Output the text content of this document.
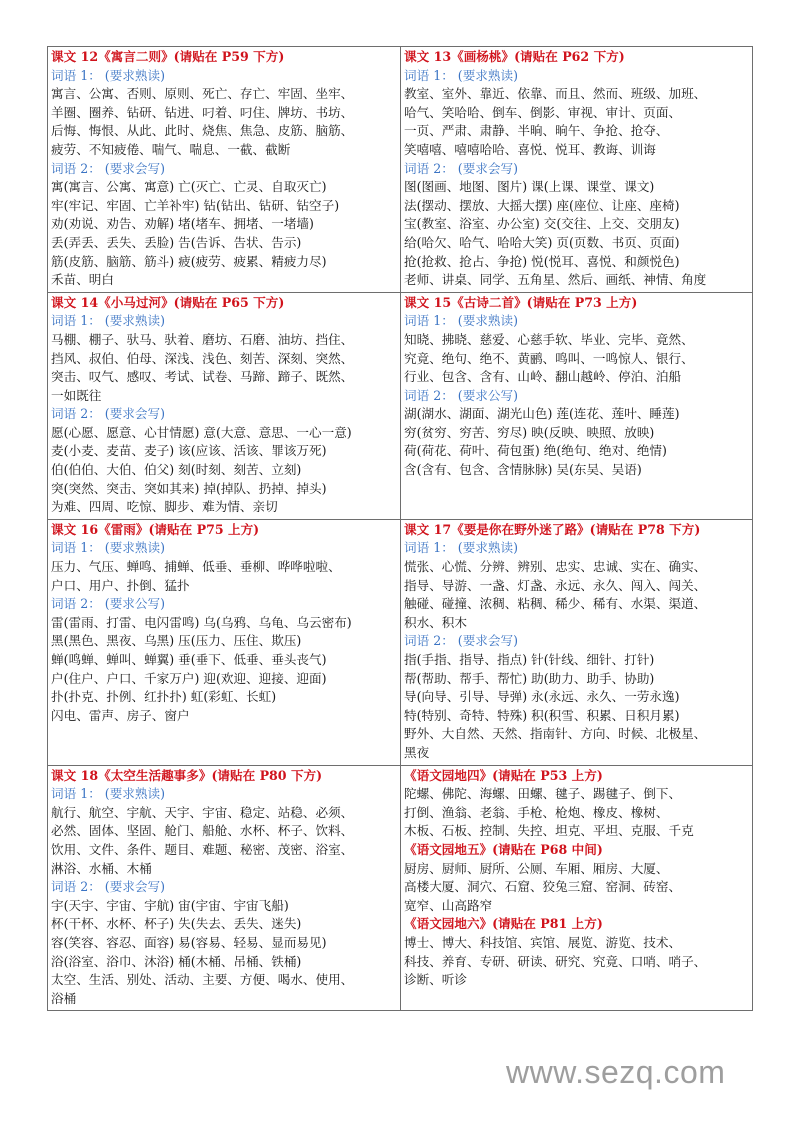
课文 12《寓言二则》(请贴在 P59 下方)
词语 1： (要求熟读)
寓言、公寓、否则、原则、死亡、存亡、牢固、坐牢、
羊圈、圈养、钻研、钻进、叼着、叼住、牌坊、书坊、
后悔、悔恨、从此、此时、烧焦、焦急、皮筋、脑筋、
疲劳、不知疲倦、喘气、喘息、一截、截断
词语 2： (要求会写)
寓(寓言、公寓、寓意) 亡(灭亡、亡灵、自取灭亡)
牢(牢记、牢固、亡羊补牢) 钻(钻出、钻研、钻空子)
劝(劝说、劝告、劝解) 堵(堵车、拥堵、一堵墙)
丢(弄丢、丢失、丢脸) 告(告诉、告状、告示)
筋(皮筋、脑筋、筋斗) 疲(疲劳、疲累、精疲力尽)
禾苗、明白

课文 13《画杨桃》(请贴在 P62 下方)
词语 1： (要求熟读)
教室、室外、靠近、依靠、而且、然而、班级、加班、
哈气、笑哈哈、倒车、倒影、审视、审计、页面、
一页、严肃、肃静、半晌、晌午、争抢、抢夺、
笑嘻嘻、嘻嘻哈哈、喜悦、悦耳、教诲、训诲
词语 2： (要求会写)
图(图画、地图、图片) 课(上课、课堂、课文)
法(摆动、摆放、大摇大摆) 座(座位、让座、座椅)
宝(教室、浴室、办公室) 交(交往、上交、交朋友)
给(哈欠、哈气、哈哈大笑) 页(页数、书页、页面)
抢(抢救、抢占、争抢) 悦(悦耳、喜悦、和颜悦色)
老师、讲桌、同学、五角星、然后、画纸、神情、角度

课文 14《小马过河》(请贴在 P65 下方)
词语 1： (要求熟读)
马棚、棚子、驮马、驮着、磨坊、石磨、油坊、挡住、
挡风、叔伯、伯母、深浅、浅色、刻苦、深刻、突然、
突击、叹气、感叹、考试、试卷、马蹄、蹄子、既然、
一如既往
词语 2： (要求会写)
愿(心愿、愿意、心甘情愿) 意(大意、意思、一心一意)
麦(小麦、麦苗、麦子) 该(应该、活该、罪该万死)
伯(伯伯、大伯、伯父) 刻(时刻、刻苦、立刻)
突(突然、突击、突如其来) 掉(掉队、扔掉、掉头)
为难、四周、吃惊、脚步、难为情、亲切

课文 15《古诗二首》(请贴在 P73 上方)
词语 1： (要求熟读)
知晓、拂晓、慈爱、心慈手软、毕业、完毕、竟然、
究竟、绝句、绝不、黄鹂、鸣叫、一鸣惊人、银行、
行业、包含、含有、山岭、翻山越岭、停泊、泊船
词语 2： (要求公写)
湖(湖水、湖面、湖光山色) 莲(连花、莲叶、睡莲)
穷(贫穷、穷苦、穷尽) 映(反映、映照、放映)
荷(荷花、荷叶、荷包蛋) 绝(绝句、绝对、绝情)
含(含有、包含、含情脉脉) 吴(东吴、吴语)

课文 16《雷雨》(请贴在 P75 上方)
词语 1： (要求熟读)
压力、气压、蝉鸣、捕蝉、低垂、垂柳、哗哗啦啦、
户口、用户、扑倒、猛扑
词语 2： (要求公写)
雷(雷雨、打雷、电闪雷鸣) 乌(乌鸦、乌龟、乌云密布)
黑(黑色、黑夜、乌黑) 压(压力、压住、欺压)
蝉(鸣蝉、蝉叫、蝉翼) 垂(垂下、低垂、垂头丧气)
户(住户、户口、千家万户) 迎(欢迎、迎接、迎面)
扑(扑克、扑例、红扑扑) 虹(彩虹、长虹)
闪电、雷声、房子、窗户

课文 17《要是你在野外迷了路》(请贴在 P78 下方)
词语 1： (要求熟读)
慌张、心慌、分辨、辨别、忠实、忠诚、实在、确实、
指导、导游、一盏、灯盏、永远、永久、闯入、闯关、
触碰、碰撞、浓稠、粘稠、稀少、稀有、水渠、渠道、
积水、积木
词语 2： (要求会写)
指(手指、指导、指点) 针(针线、细针、打针)
帮(帮助、帮手、帮忙) 助(助力、助手、协助)
导(向导、引导、导弹) 永(永远、永久、一劳永逸)
特(特别、奇特、特殊) 积(积雪、积累、日积月累)
野外、大自然、天然、指南针、方向、时候、北极星、
黑夜

课文 18《太空生活趣事多》(请贴在 P80 下方)
词语 1： (要求熟读)
航行、航空、宇航、天宇、宇宙、稳定、站稳、必须、
必然、固体、坚固、舱门、船舱、水杯、杯子、饮料、
饮用、文件、条件、题目、难题、秘密、茂密、浴室、
淋浴、水桶、木桶
词语 2： (要求会写)
宇(天宇、宇宙、宇航) 宙(宇宙、宇宙飞船)
杯(干杯、水杯、杯子) 失(失去、丢失、迷失)
容(笑容、容忍、面容) 易(容易、轻易、显而易见)
浴(浴室、浴巾、沐浴) 桶(木桶、吊桶、铁桶)
太空、生活、别处、活动、主要、方便、喝水、使用、
浴桶

《语文园地四》(请贴在 P53 上方)
陀螺、佛陀、海螺、田螺、毽子、踢毽子、倒下、
打倒、渔翁、老翁、手枪、枪炮、橡皮、橡树、
木板、石板、控制、失控、坦克、平坦、克服、千克
《语文园地五》(请贴在 P68 中间)
厨房、厨师、厨所、公厕、车厢、厢房、大厦、
高楼大厦、洞穴、石窟、狡兔三窟、窑洞、砖窑、
宽窄、山高路窄
《语文园地六》(请贴在 P81 上方)
博士、博大、科技馆、宾馆、展览、游览、技术、
科技、养育、专研、研读、研究、究竟、口哨、哨子、
诊断、听诊
www.sezq.com
